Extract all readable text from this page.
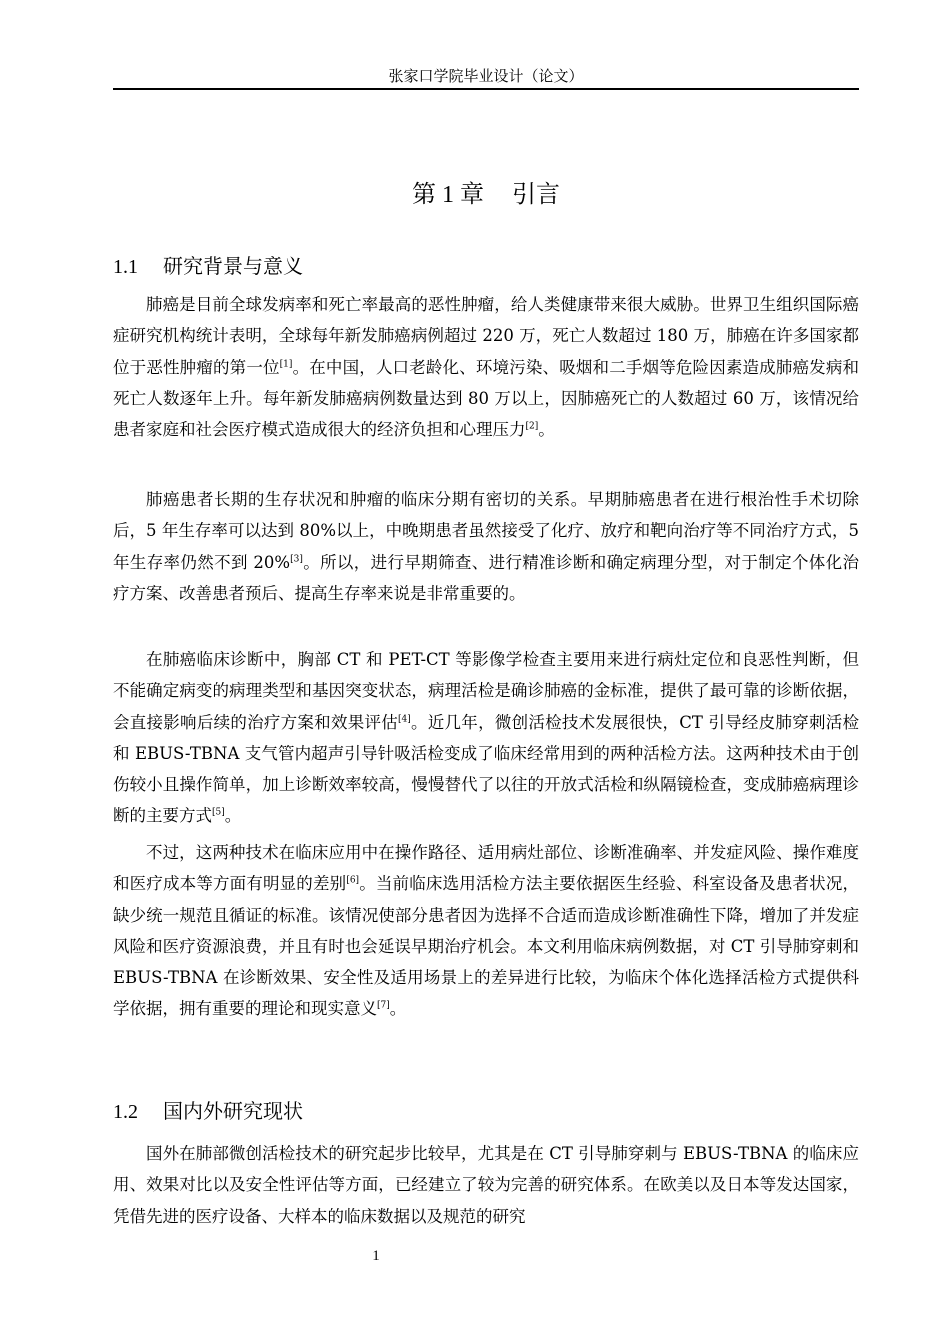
张家口学院毕业设计（论文）
第 1 章 引言
1.1 研究背景与意义

肺癌是目前全球发病率和死亡率最高的恶性肿瘤，给人类健康带来很大威胁。世界卫生组织国际癌症研究机构统计表明，全球每年新发肺癌病例超过 220 万，死亡人数超过 180 万，肺癌在许多国家都位于恶性肿瘤的第一位[1]。在中国，人口老龄化、环境污染、吸烟和二手烟等危险因素造成肺癌发病和死亡人数逐年上升。每年新发肺癌病例数量达到 80 万以上，因肺癌死亡的人数超过 60 万，该情况给患者家庭和社会医疗模式造成很大的经济负担和心理压力[2]。

肺癌患者长期的生存状况和肿瘤的临床分期有密切的关系。早期肺癌患者在进行根治性手术切除后，5 年生存率可以达到 80%以上，中晚期患者虽然接受了化疗、放疗和靶向治疗等不同治疗方式，5 年生存率仍然不到 20%[3]。所以，进行早期筛查、进行精准诊断和确定病理分型，对于制定个体化治疗方案、改善患者预后、提高生存率来说是非常重要的。

在肺癌临床诊断中，胸部 CT 和 PET-CT 等影像学检查主要用来进行病灶定位和良恶性判断，但不能确定病变的病理类型和基因突变状态，病理活检是确诊肺癌的金标准，提供了最可靠的诊断依据，会直接影响后续的治疗方案和效果评估[4]。近几年，微创活检技术发展很快，CT 引导经皮肺穿刺活检和 EBUS-TBNA 支气管内超声引导针吸活检变成了临床经常用到的两种活检方法。这两种技术由于创伤较小且操作简单，加上诊断效率较高，慢慢替代了以往的开放式活检和纵隔镜检查，变成肺癌病理诊断的主要方式[5]。

不过，这两种技术在临床应用中在操作路径、适用病灶部位、诊断准确率、并发症风险、操作难度和医疗成本等方面有明显的差别[6]。当前临床选用活检方法主要依据医生经验、科室设备及患者状况，缺少统一规范且循证的标准。该情况使部分患者因为选择不合适而造成诊断准确性下降，增加了并发症风险和医疗资源浪费，并且有时也会延误早期治疗机会。本文利用临床病例数据，对 CT 引导肺穿刺和 EBUS-TBNA 在诊断效果、安全性及适用场景上的差异进行比较，为临床个体化选择活检方式提供科学依据，拥有重要的理论和现实意义[7]。

1.2 国内外研究现状

国外在肺部微创活检技术的研究起步比较早，尤其是在 CT 引导肺穿刺与 EBUS-TBNA 的临床应用、效果对比以及安全性评估等方面，已经建立了较为完善的研究体系。在欧美以及日本等发达国家，凭借先进的医疗设备、大样本的临床数据以及规范的研究

1
